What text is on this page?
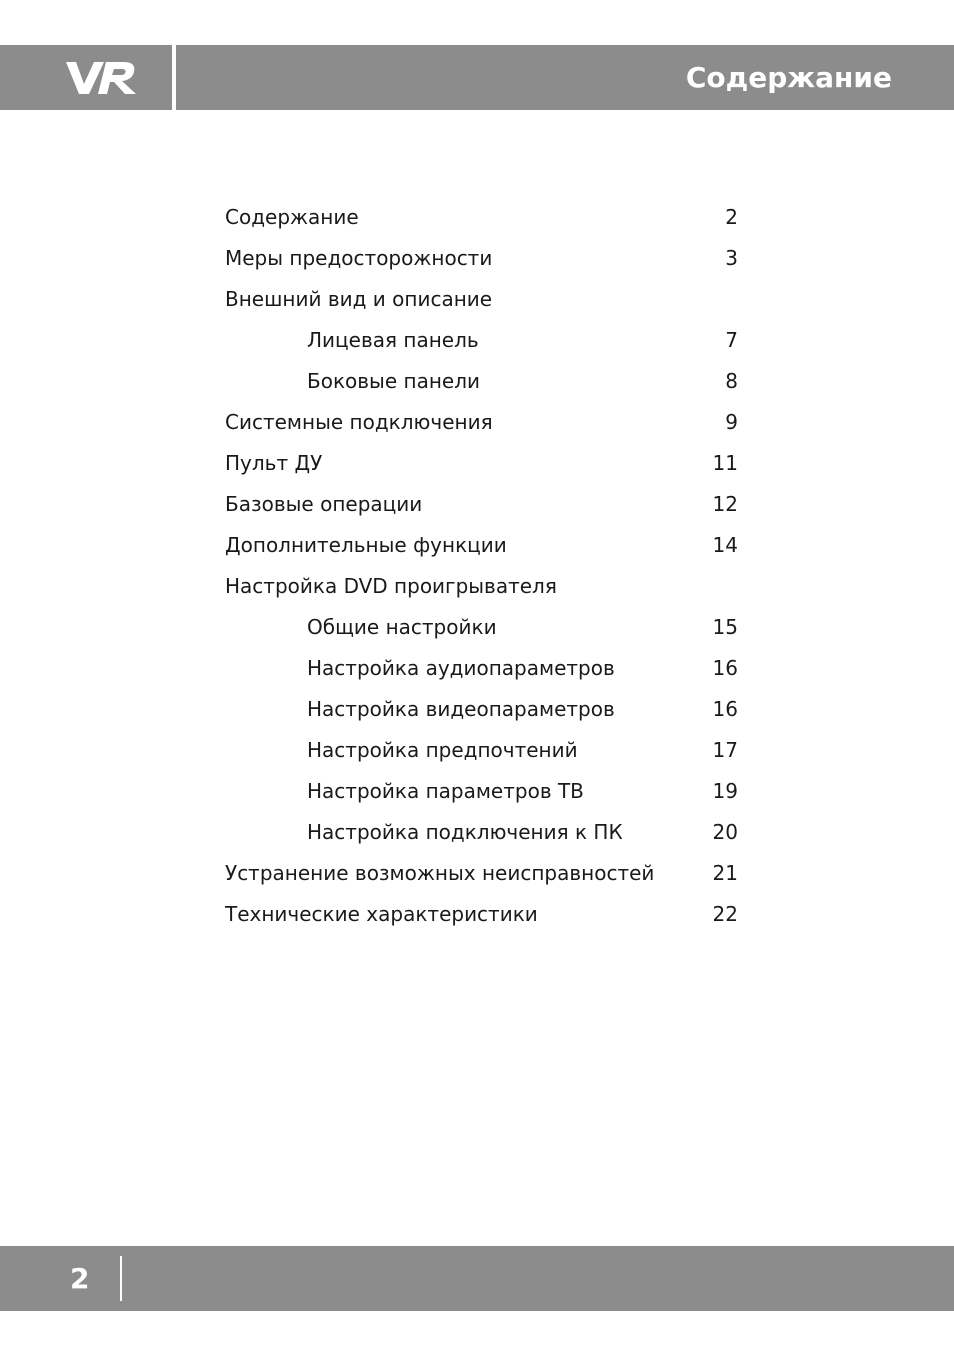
Содержание
Содержание	2
Меры предосторожности	3
Внешний вид и описание
Лицевая панель	7
Боковые панели	8
Системные подключения	9
Пульт ДУ	11
Базовые операции	12
Дополнительные функции	14
Настройка DVD проигрывателя
Общие настройки	15
Настройка аудиопараметров	16
Настройка видеопараметров	16
Настройка предпочтений	17
Настройка параметров ТВ	19
Настройка подключения к ПК	20
Устранение возможных неисправностей	21
Технические характеристики	22
2
